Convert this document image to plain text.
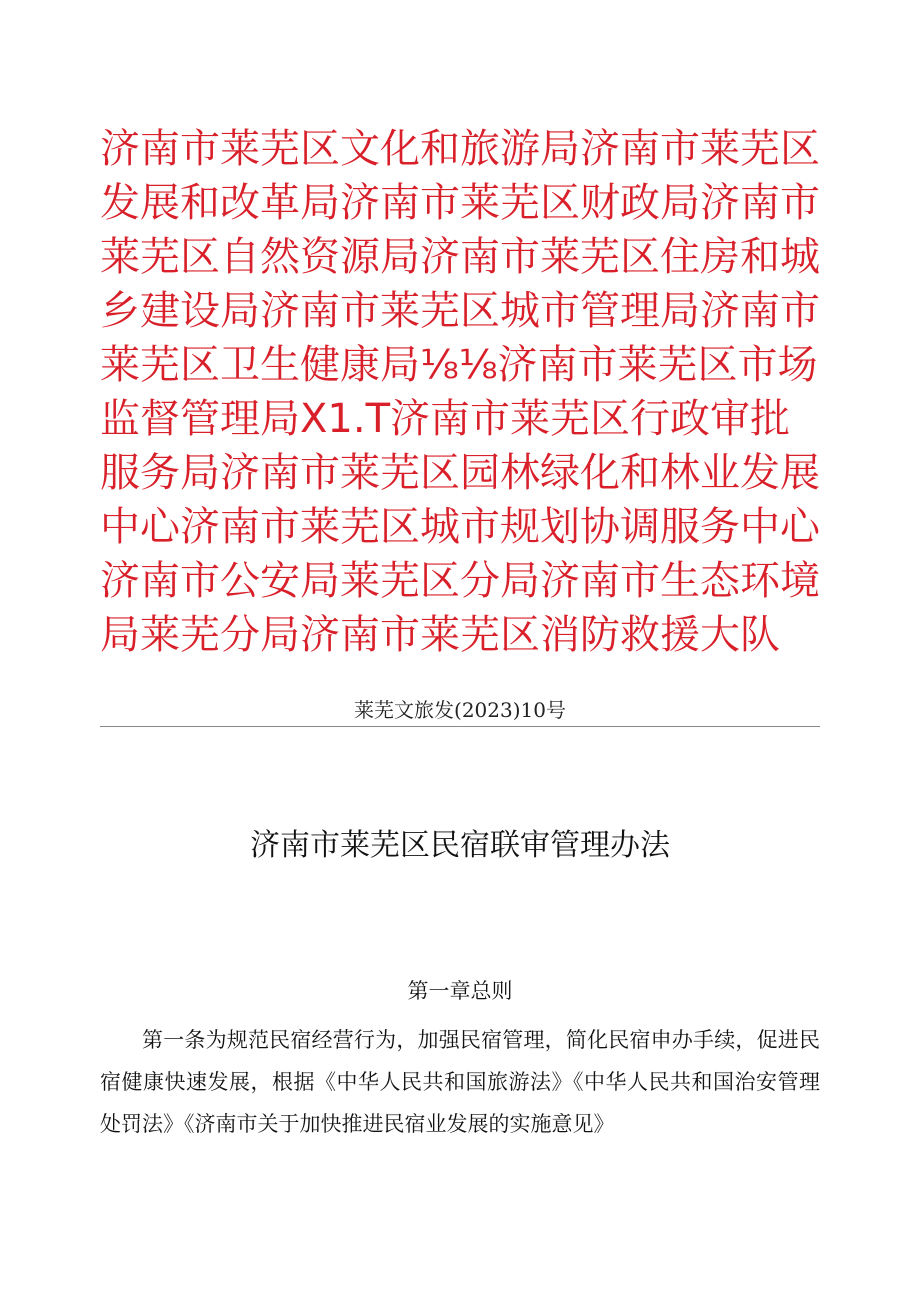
济南市莱芜区文化和旅游局济南市莱芜区发展和改革局济南市莱芜区财政局济南市莱芜区自然资源局济南市莱芜区住房和城乡建设局济南市莱芜区城市管理局济南市莱芜区卫生健康局⅛⅛济南市莱芜区市场监督管理局X1.T济南市莱芜区行政审批服务局济南市莱芜区园林绿化和林业发展中心济南市莱芜区城市规划协调服务中心济南市公安局莱芜区分局济南市生态环境局莱芜分局济南市莱芜区消防救援大队
莱芜文旅发(2023)10号
济南市莱芜区民宿联审管理办法
第一章总则
第一条为规范民宿经营行为，加强民宿管理，简化民宿申办手续，促进民宿健康快速发展，根据《中华人民共和国旅游法》《中华人民共和国治安管理处罚法》《济南市关于加快推进民宿业发展的实施意见》
